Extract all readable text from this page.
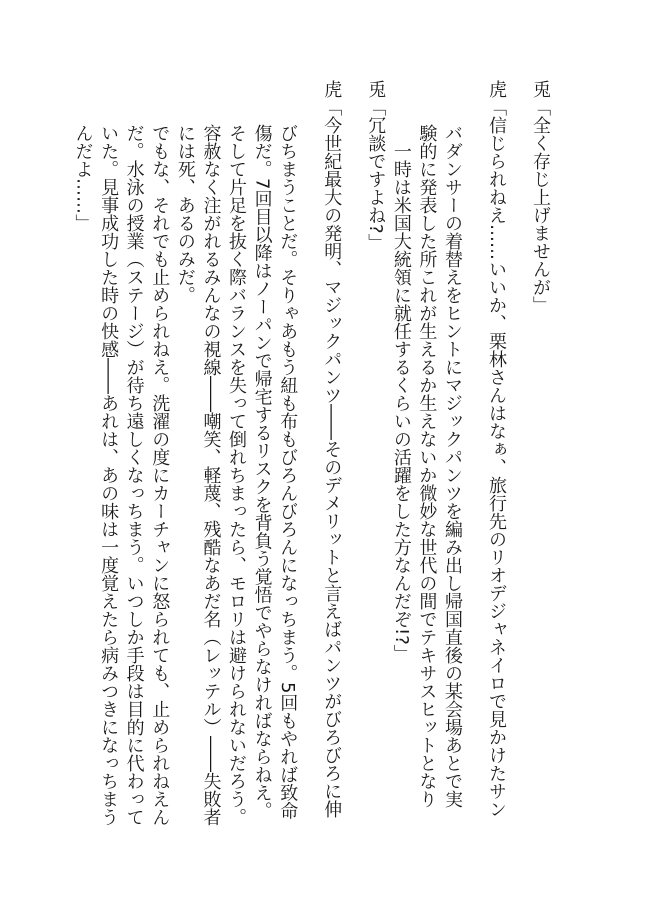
兎「全く存じ上げませんが」
虎「信じられねえ……いいか、栗林さんはなぁ、旅行先のリオデジャネイロで見かけたサン
バダンサーの着替えをヒントにマジックパンツを編み出し帰国直後の某会場あとで実
験的に発表した所これが生えるか生えないか微妙な世代の間でテキサスヒットとなり
一時は米国大統領に就任するくらいの活躍をした方なんだぞ!?」
兎「冗談ですよね?」
虎「今世紀最大の発明、マジックパンツ――そのデメリットと言えばパンツがびろびろに伸
びちまうことだ。そりゃあもう紐も布もびろんびろんになっちまう。5回もやれば致命
傷だ。7回目以降はノーパンで帰宅するリスクを背負う覚悟でやらなければならねえ。
そして片足を抜く際バランスを失って倒れちまったら、モロリは避けられないだろう。
容赦なく注がれるみんなの視線――嘲笑、軽蔑、残酷なあだ名（レッテル）――失敗者
には死、あるのみだ。
でもな、それでも止められねえ。洗濯の度にカーチャンに怒られても、止められねえん
だ。水泳の授業（ステージ）が待ち遠しくなっちまう。いつしか手段は目的に代わって
いた。見事成功した時の快感――あれは、あの味は一度覚えたら病みつきになっちまう
んだよ……」
